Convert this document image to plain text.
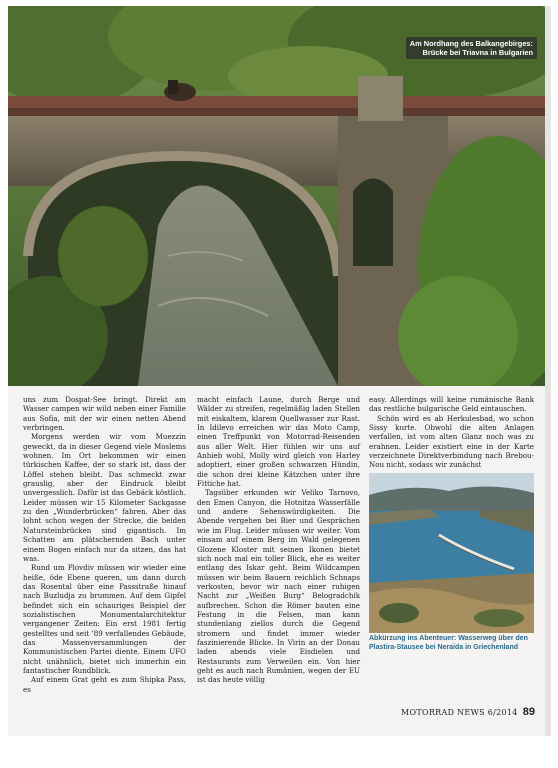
Am Nordhang des Balkangebirges:
Brücke bei Triavna in Bulgarien

uns zum Dospat-See bringt. Direkt am Wasser campen wir wild neben einer Familie aus Sofia, mit der wir einen netten Abend verbringen.

Morgens werden wir vom Muezzin geweckt, da in dieser Gegend viele Moslems wohnen. Im Ort bekommen wir einen türkischen Kaffee, der so stark ist, dass der Löffel stehen bleibt. Das schmeckt zwar grauslig, aber der Eindruck bleibt unvergesslich. Dafür ist das Gebäck köstlich. Leider müssen wir 15 Kilometer Sackgasse zu den „Wunderbrücken“ fahren. Aber das lohnt schon wegen der Strecke, die beiden Natursteinbrücken sind gigantisch. Im Schatten am plätschernden Bach unter einem Bogen einfach nur da sitzen, das hat was.

Rund um Plovdiv müssen wir wieder eine heiße, öde Ebene queren, um dann durch das Rosental über eine Passstraße hinauf nach Buzludja zu brummen. Auf dem Gipfel befindet sich ein schauriges Beispiel der sozialistischen Monumentalarchitektur vergangener Zeiten: Ein erst 1981 fertig gestelltes und seit ’89 verfallendes Gebäude, das Massenversammlungen der Kommunistischen Partei diente. Einem UFO nicht unähnlich, bietet sich immerhin ein fantastischer Rundblick.

Auf einem Grat geht es zum Shipka Pass, es

macht einfach Laune, durch Berge und Wälder zu streifen, regelmäßig laden Stellen mit eiskaltem, klarem Quellwasser zur Rast. In Idilevo erreichen wir das Moto Camp, einen Treffpunkt von Motorrad-Reisenden aus aller Welt. Hier fühlen wir uns auf Anhieb wohl, Molly wird gleich von Harley adoptiert, einer großen schwarzen Hündin, die schon drei kleine Kätzchen unter ihre Fittiche hat.

Tagsüber erkunden wir Veliko Tarnovo, den Emen Canyon, die Hotnitza Wasserfälle und andere Sehenswürdigkeiten. Die Abende vergehen bei Bier und Gesprächen wie im Flug. Leider müssen wir weiter. Vom einsam auf einem Berg im Wald gelegenen Glozene Kloster mit seinen Ikonen bietet sich noch mal ein toller Blick, ehe es weiter entlang des Iskar geht. Beim Wildcampen müssen wir beim Bauern reichlich Schnaps verkosten, bevor wir nach einer ruhigen Nacht zur „Weißen Burg“ Belogradchik aufbrechen. Schon die Römer bauten eine Festung in die Felsen, man kann stundenlang ziellos durch die Gegend stromern und findet immer wieder faszinierende Blicke. In Virin an der Donau laden abends viele Eisdielen und Restaurants zum Verweilen ein. Von hier geht es auch nach Rumänien, wegen der EU ist das heute völlig

easy. Allerdings will keine rumänische Bank das restliche bulgarische Geld eintauschen.

Schön wird es ab Herkulesbad, wo schon Sissy kurte. Obwohl die alten Anlagen verfallen, ist vom alten Glanz noch was zu erahnen. Leider existiert eine in der Karte verzeichnete Direktverbindung nach Brebou-Nou nicht, sodass wir zunächst

Abkürzung ins Abenteuer: Wasserweg über den
Plastira-Stausee bei Neraida in Griechenland
MOTORRAD NEWS 6/2014 89
